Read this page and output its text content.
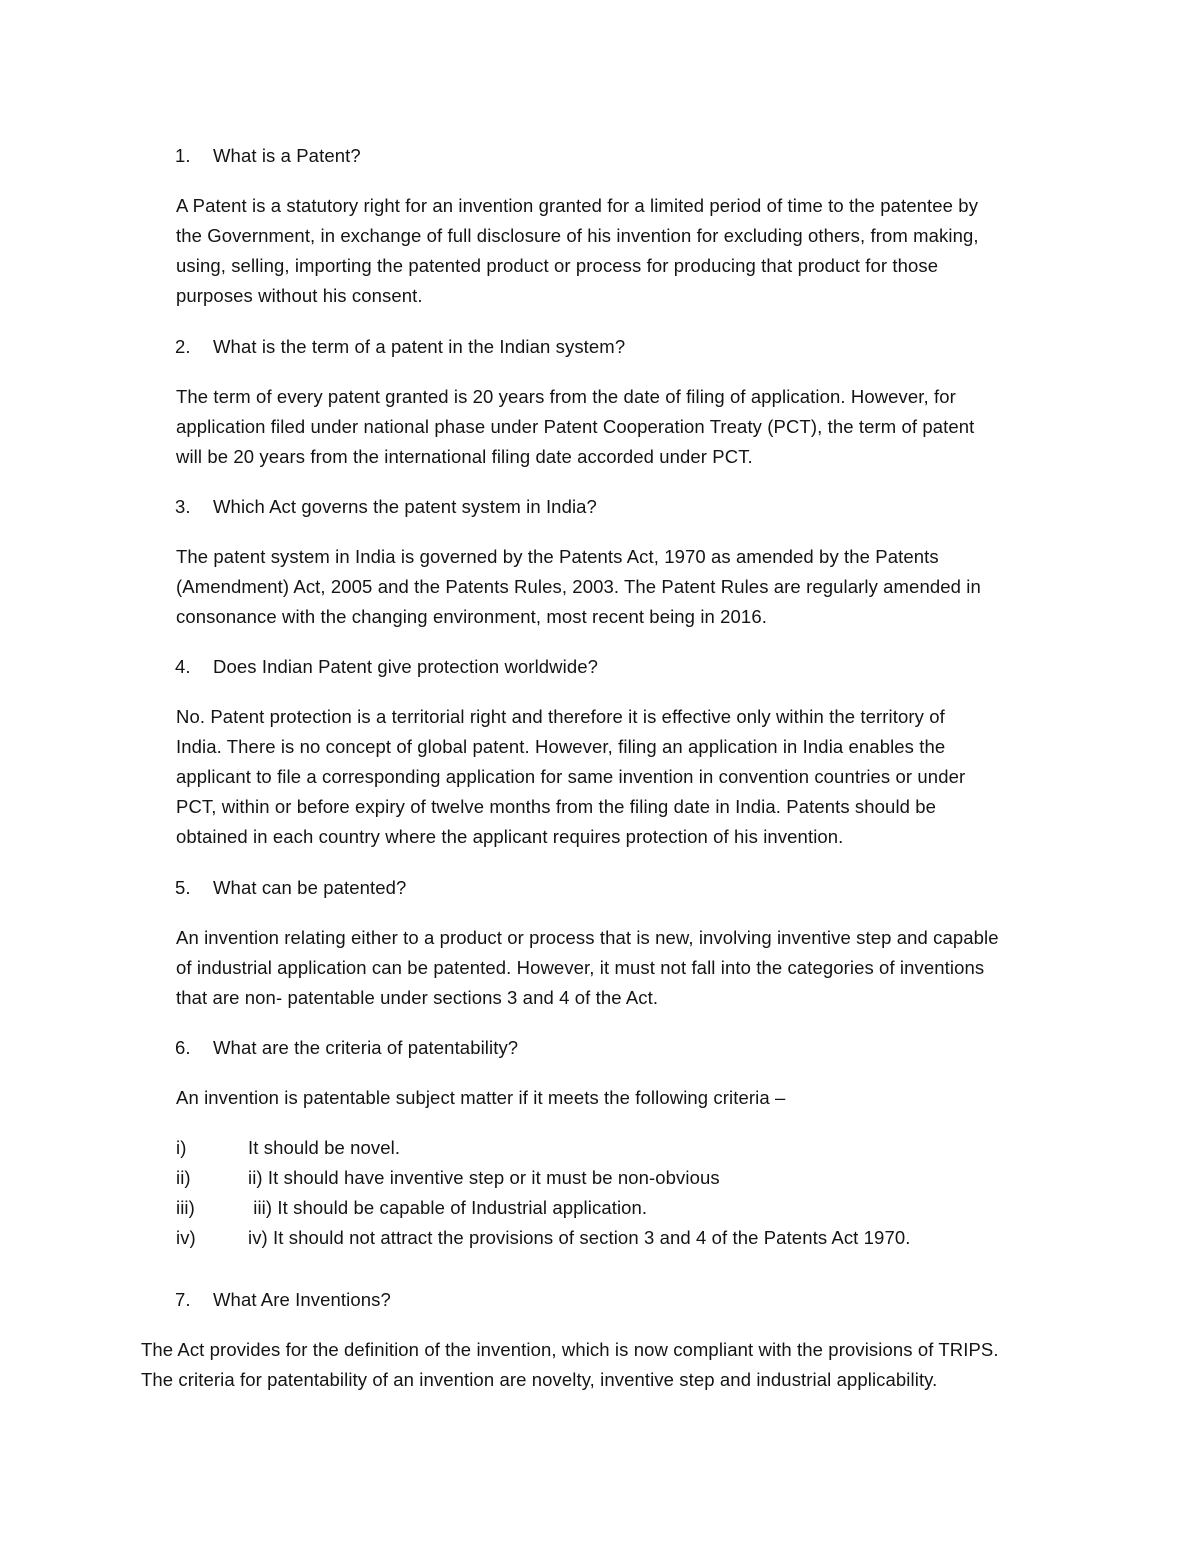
1. What is a Patent?

A Patent is a statutory right for an invention granted for a limited period of time to the patentee by
the Government, in exchange of full disclosure of his invention for excluding others, from making,
using, selling, importing the patented product or process for producing that product for those
purposes without his consent.

2. What is the term of a patent in the Indian system?

The term of every patent granted is 20 years from the date of filing of application. However, for
application filed under national phase under Patent Cooperation Treaty (PCT), the term of patent
will be 20 years from the international filing date accorded under PCT.

3. Which Act governs the patent system in India?

The patent system in India is governed by the Patents Act, 1970 as amended by the Patents
(Amendment) Act, 2005 and the Patents Rules, 2003. The Patent Rules are regularly amended in
consonance with the changing environment, most recent being in 2016.

4. Does Indian Patent give protection worldwide?

No. Patent protection is a territorial right and therefore it is effective only within the territory of
India. There is no concept of global patent. However, filing an application in India enables the
applicant to file a corresponding application for same invention in convention countries or under
PCT, within or before expiry of twelve months from the filing date in India. Patents should be
obtained in each country where the applicant requires protection of his invention.

5. What can be patented?

An invention relating either to a product or process that is new, involving inventive step and capable
of industrial application can be patented. However, it must not fall into the categories of inventions
that are non- patentable under sections 3 and 4 of the Act.

6. What are the criteria of patentability?

An invention is patentable subject matter if it meets the following criteria –

i)	It should be novel.
ii)	ii) It should have inventive step or it must be non-obvious
iii)	iii) It should be capable of Industrial application.
iv)	iv) It should not attract the provisions of section 3 and 4 of the Patents Act 1970.
7. What Are Inventions?

The Act provides for the definition of the invention, which is now compliant with the provisions of TRIPS.
The criteria for patentability of an invention are novelty, inventive step and industrial applicability.
